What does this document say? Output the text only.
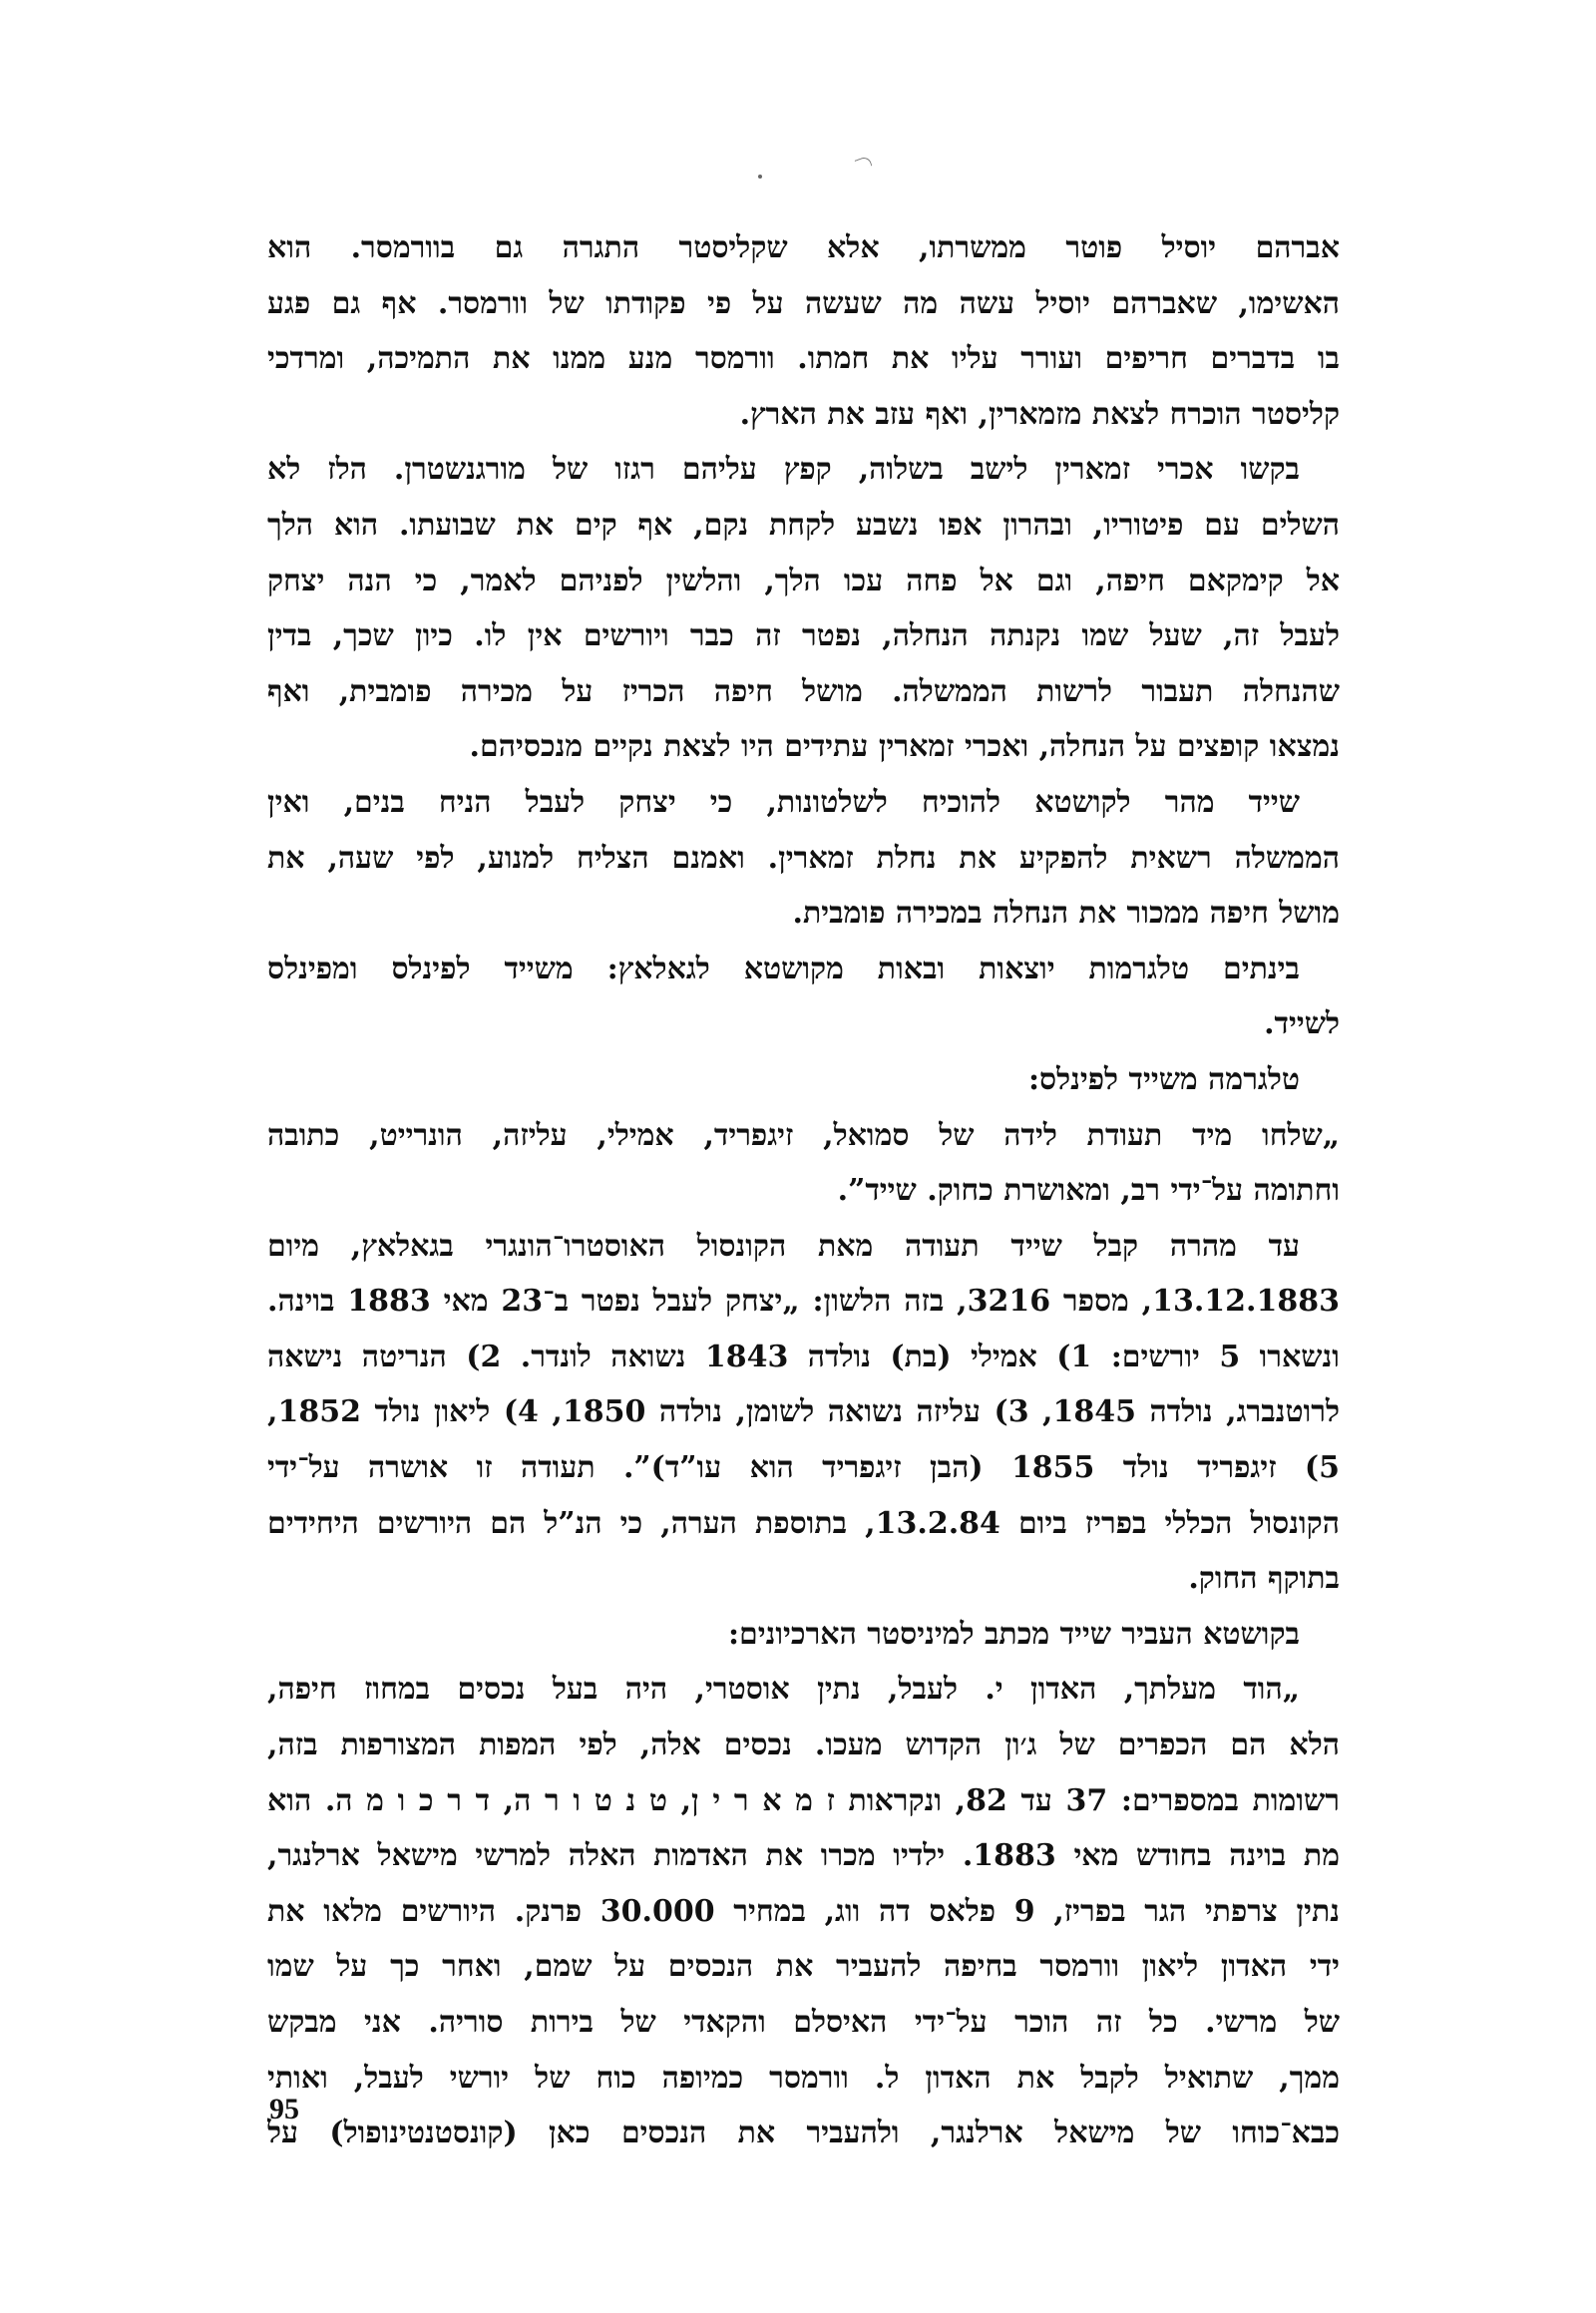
אברהם יוסיל פוטר ממשרתו, אלא שקליסטר התגרה גם בוורמסר. הוא
האשימו, שאברהם יוסיל עשה מה שעשה על פי פקודתו של וורמסר. אף גם פגע
בו בדברים חריפים ועורר עליו את חמתו. וורמסר מנע ממנו את התמיכה, ומרדכי
קליסטר הוכרח לצאת מזמארין, ואף עזב את הארץ.
בקשו אכרי זמארין לישב בשלוה, קפץ עליהם רגזו של מורגנשטרן. הלז לא
השלים עם פיטוריו, ובהרון אפו נשבע לקחת נקם, אף קים את שבועתו. הוא הלך
אל קימקאם חיפה, וגם אל פחה עכו הלך, והלשין לפניהם לאמר, כי הנה יצחק
לעבל זה, שעל שמו נקנתה הנחלה, נפטר זה כבר ויורשים אין לו. כיון שכך, בדין
שהנחלה תעבור לרשות הממשלה. מושל חיפה הכריז על מכירה פומבית, ואף
נמצאו קופצים על הנחלה, ואכרי זמארין עתידים היו לצאת נקיים מנכסיהם.
שייד מהר לקושטא להוכיח לשלטונות, כי יצחק לעבל הניח בנים, ואין
הממשלה רשאית להפקיע את נחלת זמארין. ואמנם הצליח למנוע, לפי שעה, את
מושל חיפה ממכור את הנחלה במכירה פומבית.
בינתים טלגרמות יוצאות ובאות מקושטא לגאלאץ: משייד לפינלס ומפינלס
לשייד.
טלגרמה משייד לפינלס:
„שלחו מיד תעודת לידה של סמואל, זיגפריד, אמילי, עליזה, הונרייט, כתובה
וחתומה על־ידי רב, ומאושרת כחוק. שייד”.
עד מהרה קבל שייד תעודה מאת הקונסול האוסטרו־הונגרי בגאלאץ, מיום
13.12.1883, מספר 3216, בזה הלשון: „יצחק לעבל נפטר ב־23 מאי 1883 בוינה.
ונשארו 5 יורשים: 1) אמילי (בת) נולדה 1843 נשואה לונדר. 2) הנריטה נישאה
לרוטנברג, נולדה 1845, 3) עליזה נשואה לשומן, נולדה 1850, 4) ליאון נולד 1852,
5) זיגפריד נולד 1855 (הבן זיגפריד הוא עו”ד)”. תעודה זו אושרה על־ידי
הקונסול הכללי בפריז ביום 13.2.84, בתוספת הערה, כי הנ”ל הם היורשים היחידים
בתוקף החוק.
בקושטא העביר שייד מכתב למיניסטר הארכיונים:
„הוד מעלתך, האדון י. לעבל, נתין אוסטרי, היה בעל נכסים במחוז חיפה,
הלא הם הכפרים של ג׳ון הקדוש מעכו. נכסים אלה, לפי המפות המצורפות בזה,
רשומות במספרים: 37 עד 82, ונקראות ז מ א ר י ן, ט נ ט ו ר ה, ד ר כ ו מ ה. הוא
מת בוינה בחודש מאי 1883. ילדיו מכרו את האדמות האלה למרשי מישאל ארלנגר,
נתין צרפתי הגר בפריז, 9 פלאס דה ווג, במחיר 30.000 פרנק. היורשים מלאו את
ידי האדון ליאון וורמסר בחיפה להעביר את הנכסים על שמם, ואחר כך על שמו
של מרשי. כל זה הוכר על־ידי האיסלם והקאדי של בירות סוריה. אני מבקש
ממך, שתואיל לקבל את האדון ל. וורמסר כמיופה כוח של יורשי לעבל, ואותי
כבא־כוחו של מישאל ארלנגר, ולהעביר את הנכסים כאן (קונסטנטינופול) על
95
